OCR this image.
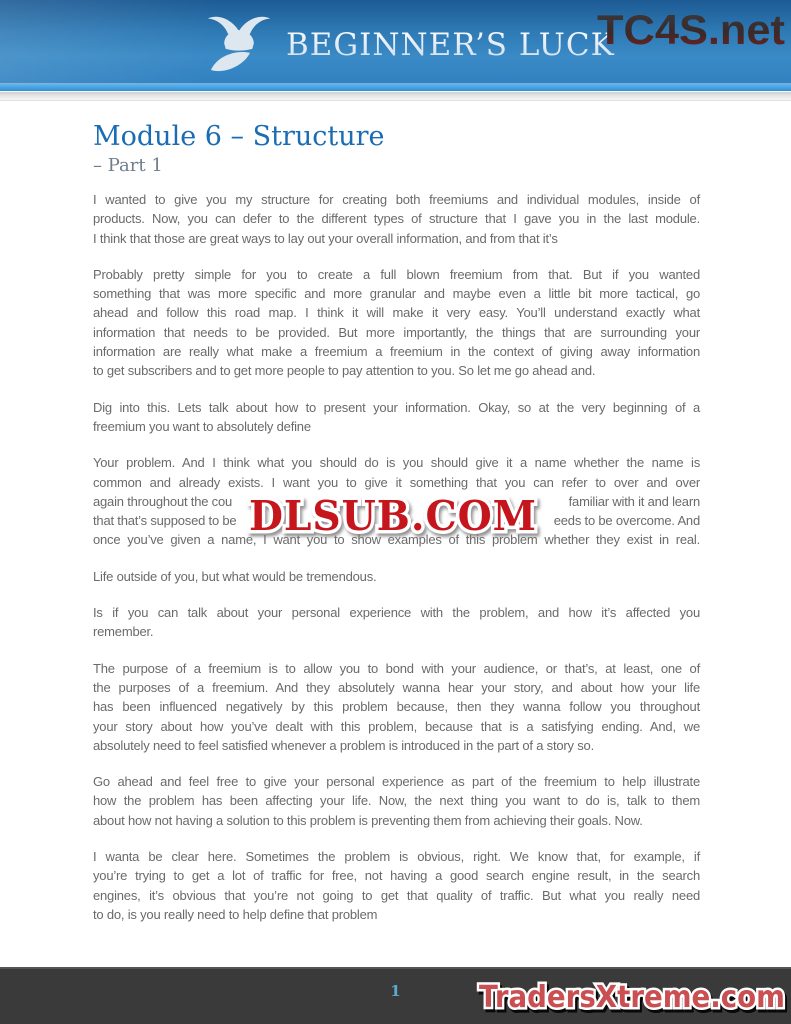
BEGINNER’S LUCK
TC4S.net
Module 6 – Structure
– Part 1
I wanted to give you my structure for creating both freemiums and individual modules, inside of
products. Now, you can defer to the different types of structure that I gave you in the last module.
I think that those are great ways to lay out your overall information, and from that it’s
Probably pretty simple for you to create a full blown freemium from that. But if you wanted
something that was more specific and more granular and maybe even a little bit more tactical, go
ahead and follow this road map. I think it will make it very easy. You’ll understand exactly what
information that needs to be provided. But more importantly, the things that are surrounding your
information are really what make a freemium a freemium in the context of giving away information
to get subscribers and to get more people to pay attention to you. So let me go ahead and.
Dig into this. Lets talk about how to present your information. Okay, so at the very beginning of a
freemium you want to absolutely define
Your problem. And I think what you should do is you should give it a name whether the name is
common and already exists. I want you to give it something that you can refer to over and over
again throughout the cou	familiar with it and learn
that that’s supposed to be	eeds to be overcome. And
once you’ve given a name, I want you to show examples of this problem whether they exist in real.
Life outside of you, but what would be tremendous.
Is if you can talk about your personal experience with the problem, and how it’s affected you
remember.
The purpose of a freemium is to allow you to bond with your audience, or that’s, at least, one of
the purposes of a freemium. And they absolutely wanna hear your story, and about how your life
has been influenced negatively by this problem because, then they wanna follow you throughout
your story about how you’ve dealt with this problem, because that is a satisfying ending. And, we
absolutely need to feel satisfied whenever a problem is introduced in the part of a story so.
Go ahead and feel free to give your personal experience as part of the freemium to help illustrate
how the problem has been affecting your life. Now, the next thing you want to do is, talk to them
about how not having a solution to this problem is preventing them from achieving their goals. Now.
I wanta be clear here. Sometimes the problem is obvious, right. We know that, for example, if
you’re trying to get a lot of traffic for free, not having a good search engine result, in the search
engines, it’s obvious that you’re not going to get that quality of traffic. But what you really need
to do, is you really need to help define that problem
DLSUB.COM
1	TradersXtreme.com
